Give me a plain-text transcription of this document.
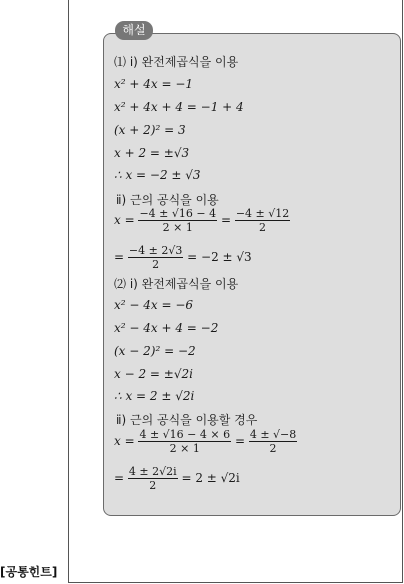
[공통힌트]
해설
⑴ ⅰ) 완전제곱식을 이용
x² + 4x = −1
x² + 4x + 4 = −1 + 4
(x + 2)² = 3
x + 2 = ±√3
∴ x = −2 ± √3
ⅱ) 근의 공식을 이용
$x = \frac{-4 \pm √16 - 4}{2 \times 1} = \frac{-4 \pm √12}{2}$
= $\frac{-4 \pm 2√3}{2} = -2 \pm √3$
⑵ ⅰ) 완전제곱식을 이용
x² − 4x = −6
x² − 4x + 4 = −2
(x − 2)² = −2
x − 2 = ±√2i
∴ x = 2 ± √2i
ⅱ) 근의 공식을 이용할 경우
$x = \frac{4 \pm √16 - 4 \times 6}{2 \times 1} = \frac{4 \pm √-8}{2}$
= $\frac{4 \pm 2√2i}{2} = 2 \pm √2i$
